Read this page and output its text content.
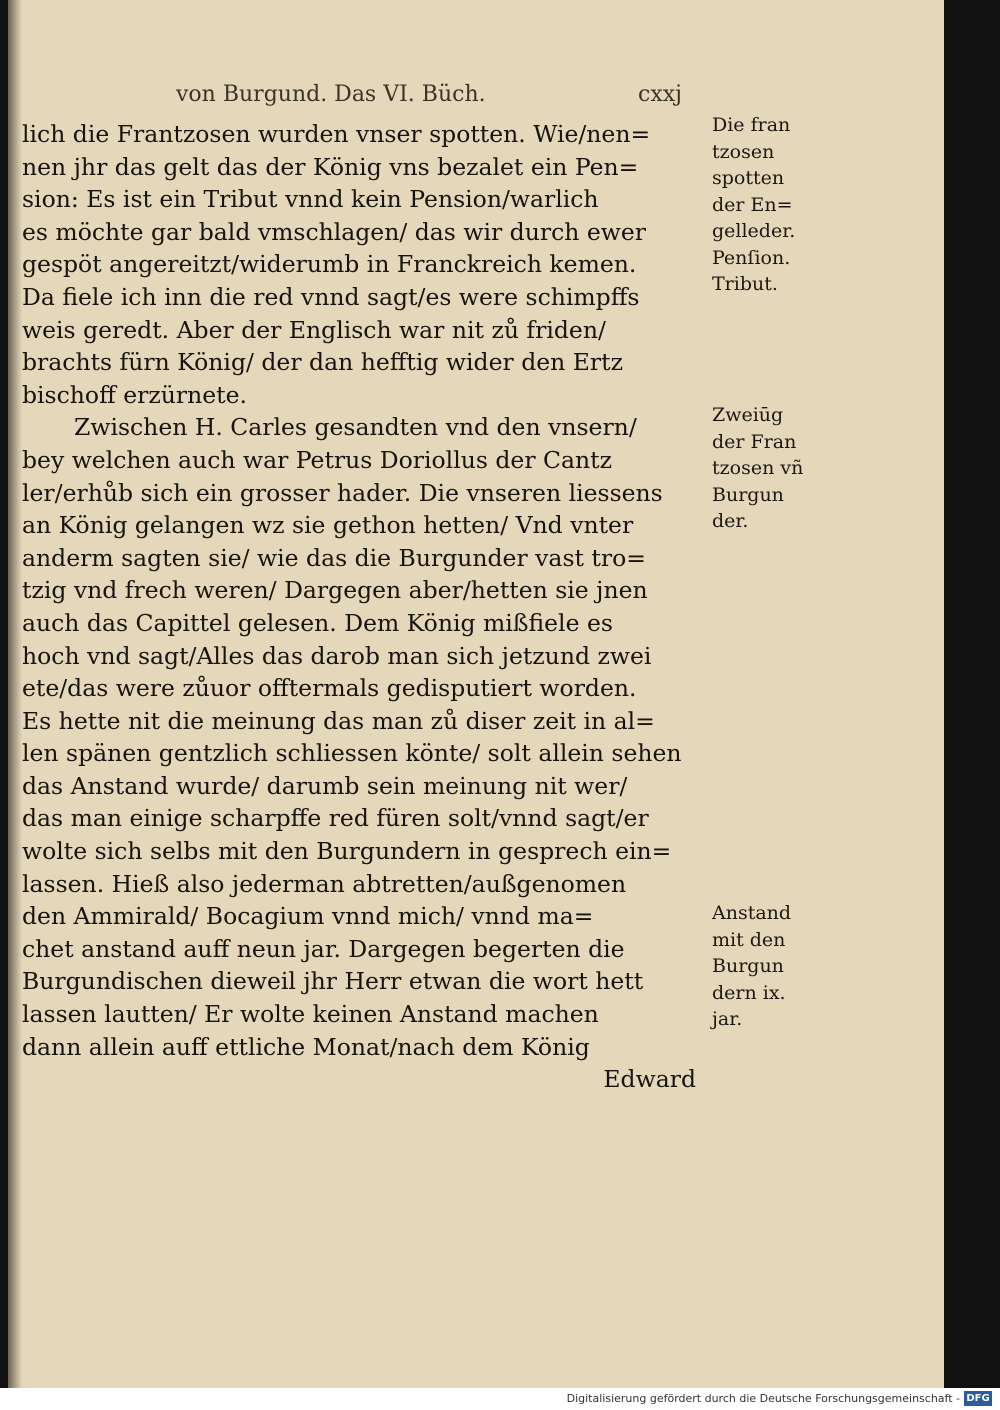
von Burgund. Das VI. Büch.	cxxj
lich die Frantzosen wurden vnser spotten. Wie/nen=
nen jhr das gelt das der König vns bezalet ein Pen=
sion: Es ist ein Tribut vnnd kein Pension/warlich
es möchte gar bald vmschlagen/ das wir durch ewer
gespöt angereitzt/widerumb in Franckreich kemen.
Da fiele ich inn die red vnnd sagt/es were schimpffs
weis geredt. Aber der Englisch war nit zů friden/
brachts fürn König/ der dan hefftig wider den Ertz
bischoff erzürnete.
Zwischen H. Carles gesandten vnd den vnsern/
bey welchen auch war Petrus Doriollus der Cantz
ler/erhůb sich ein grosser hader. Die vnseren liessens
an König gelangen wz sie gethon hetten/ Vnd vnter
anderm sagten sie/ wie das die Burgunder vast tro=
tzig vnd frech weren/ Dargegen aber/hetten sie jnen
auch das Capittel gelesen. Dem König mißfiele es
hoch vnd sagt/Alles das darob man sich jetzund zwei
ete/das were zůuor offtermals gedisputiert worden.
Es hette nit die meinung das man zů diser zeit in al=
len spänen gentzlich schliessen könte/ solt allein sehen
das Anstand wurde/ darumb sein meinung nit wer/
das man einige scharpffe red füren solt/vnnd sagt/er
wolte sich selbs mit den Burgundern in gesprech ein=
lassen. Hieß also jederman abtretten/außgenomen
den Ammirald/ Bocagium vnnd mich/ vnnd ma=
chet anstand auff neun jar. Dargegen begerten die
Burgundischen dieweil jhr Herr etwan die wort hett
lassen lautten/ Er wolte keinen Anstand machen
dann allein auff ettliche Monat/nach dem König
Edward
Die fran
tzosen
spotten
der En=
gelleder.
Penſion.
Tribut.
Zweiūg
der Fran
tzosen vñ
Burgun
der.
Anstand
mit den
Burgun
dern ix.
jar.
Digitalisierung gefördert durch die Deutsche Forschungsgemeinschaft - DFG
